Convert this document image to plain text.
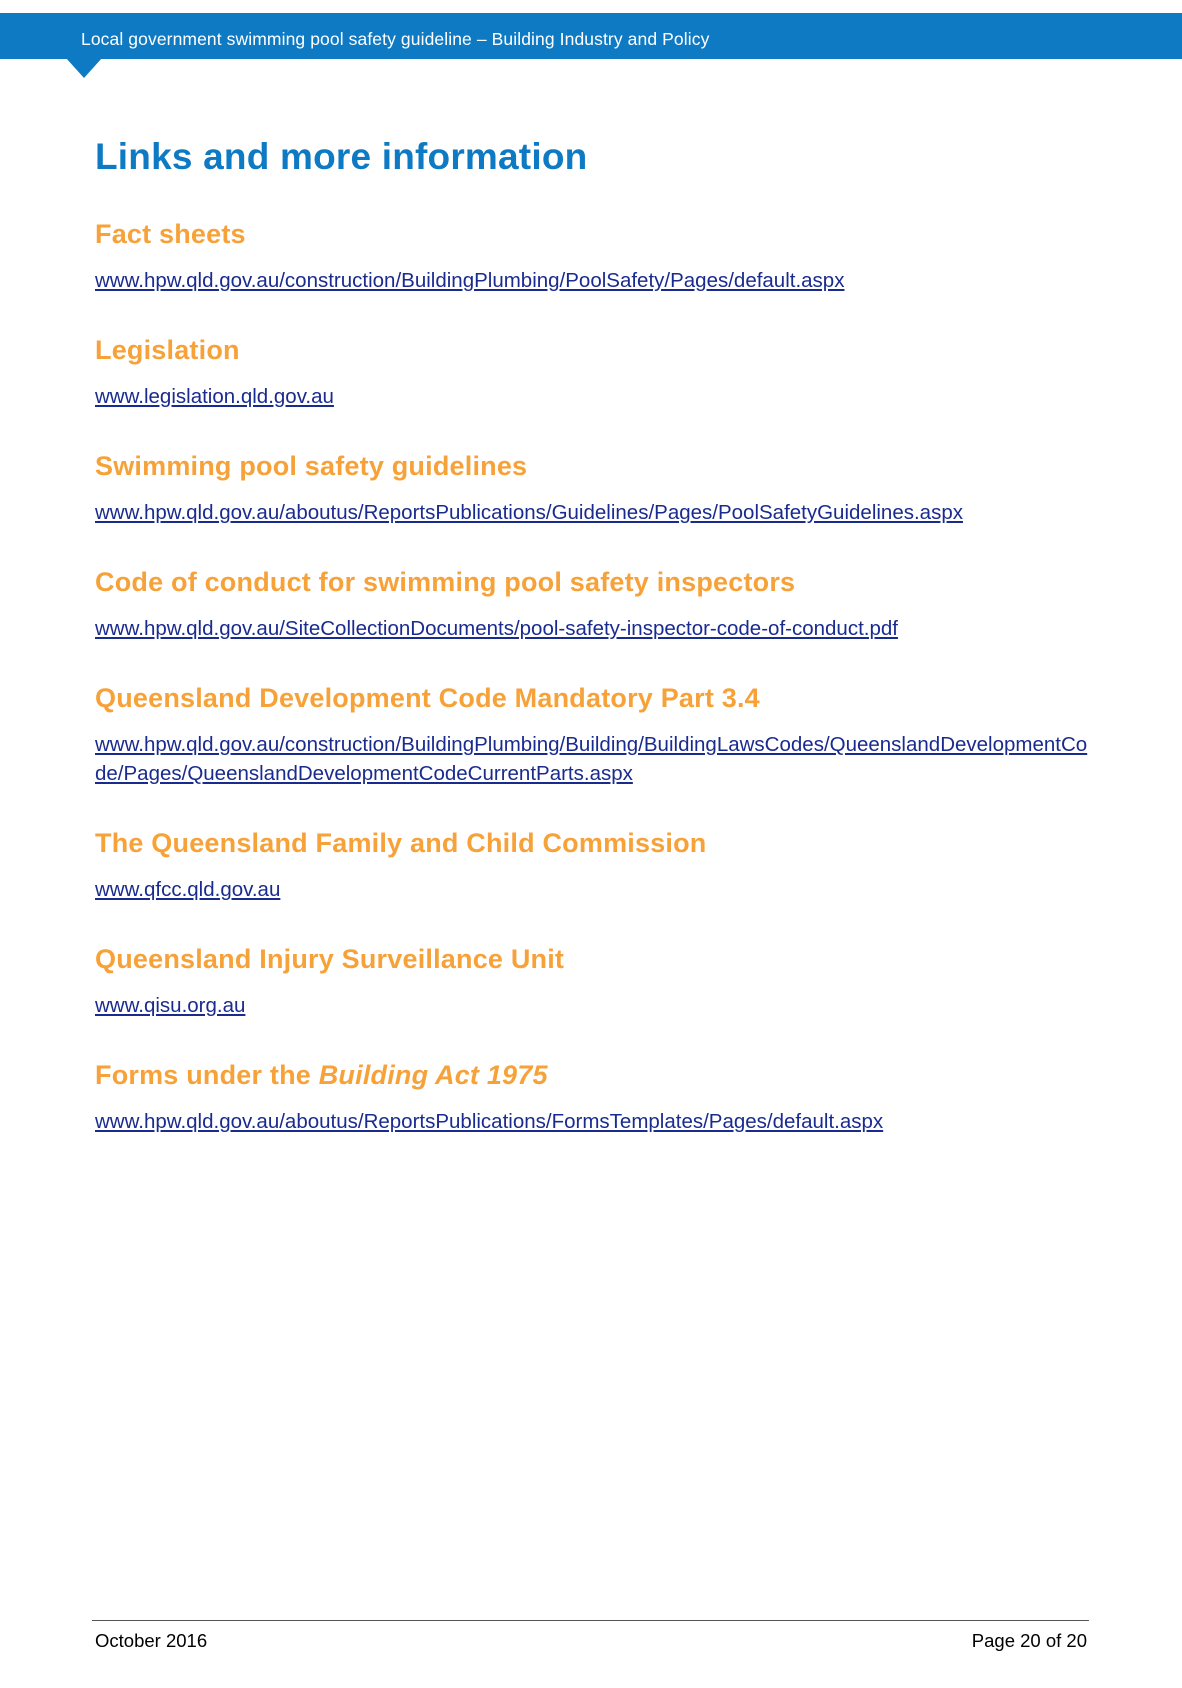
Local government swimming pool safety guideline – Building Industry and Policy
Links and more information
Fact sheets
www.hpw.qld.gov.au/construction/BuildingPlumbing/PoolSafety/Pages/default.aspx
Legislation
www.legislation.qld.gov.au
Swimming pool safety guidelines
www.hpw.qld.gov.au/aboutus/ReportsPublications/Guidelines/Pages/PoolSafetyGuidelines.aspx
Code of conduct for swimming pool safety inspectors
www.hpw.qld.gov.au/SiteCollectionDocuments/pool-safety-inspector-code-of-conduct.pdf
Queensland Development Code Mandatory Part 3.4
www.hpw.qld.gov.au/construction/BuildingPlumbing/Building/BuildingLawsCodes/QueenslandDevelopmentCode/Pages/QueenslandDevelopmentCodeCurrentParts.aspx
The Queensland Family and Child Commission
www.qfcc.qld.gov.au
Queensland Injury Surveillance Unit
www.qisu.org.au
Forms under the Building Act 1975
www.hpw.qld.gov.au/aboutus/ReportsPublications/FormsTemplates/Pages/default.aspx
October 2016	Page 20 of 20
